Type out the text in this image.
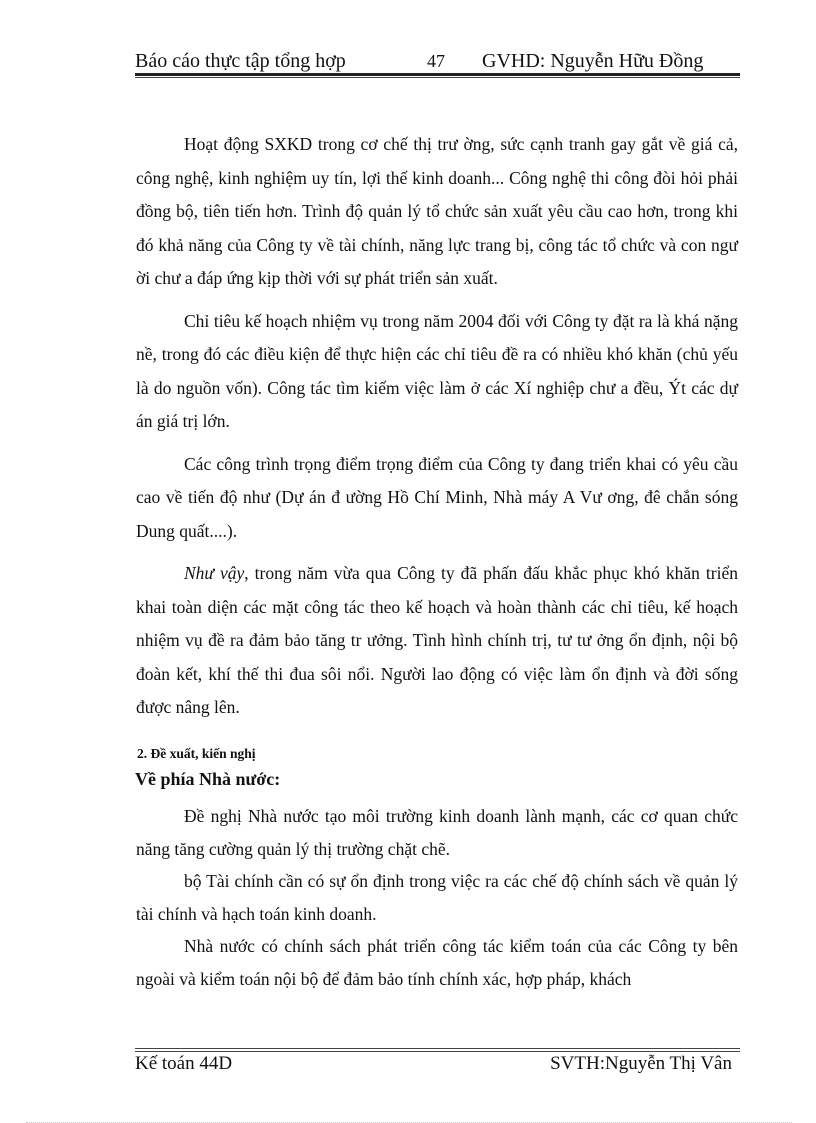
Báo cáo thực tập tổng hợp	47 GVHD: Nguyễn Hữu Đồng

Hoạt động SXKD trong cơ chế thị trư ờng, sức cạnh tranh gay gắt về giá cả, công nghệ, kinh nghiệm uy tín, lợi thế kinh doanh... Công nghệ thi công đòi hỏi phải đồng bộ, tiên tiến hơn. Trình độ quản lý tổ chức sản xuất yêu cầu cao hơn, trong khi đó khả năng của Công ty về tài chính, năng lực trang bị, công tác tổ chức và con ngư ời chư a đáp ứng kịp thời với sự phát triển sản xuất.

Chỉ tiêu kế hoạch nhiệm vụ trong năm 2004 đối với Công ty đặt ra là khá nặng nề, trong đó các điều kiện để thực hiện các chỉ tiêu đề ra có nhiều khó khăn (chủ yếu là do nguồn vốn). Công tác tìm kiếm việc làm ở các Xí nghiệp chư a đều, Ýt các dự án giá trị lớn.

Các công trình trọng điểm trọng điểm của Công ty đang triển khai có yêu cầu cao về tiến độ như (Dự án đ ường Hồ Chí Minh, Nhà máy A Vư ơng, đê chắn sóng Dung quất....).

Như vậy, trong năm vừa qua Công ty đã phấn đấu khắc phục khó khăn triển khai toàn diện các mặt công tác theo kế hoạch và hoàn thành các chỉ tiêu, kế hoạch nhiệm vụ đề ra đảm bảo tăng tr ưởng. Tình hình chính trị, tư tư ởng ổn định, nội bộ đoàn kết, khí thế thi đua sôi nổi. Người lao động có việc làm ổn định và đời sống được nâng lên.

2. Đề xuất, kiến nghị
Về phía Nhà nước:

Đề nghị Nhà nước tạo môi trường kinh doanh lành mạnh, các cơ quan chức năng tăng cường quản lý thị trường chặt chẽ.

bộ Tài chính cần có sự ổn định trong việc ra các chế độ chính sách về quản lý tài chính và hạch toán kinh doanh.

Nhà nước có chính sách phát triển công tác kiểm toán của các Công ty bên ngoài và kiểm toán nội bộ để đảm bảo tính chính xác, hợp pháp, khách

Kế toán 44D	SVTH:Nguyễn Thị Vân
